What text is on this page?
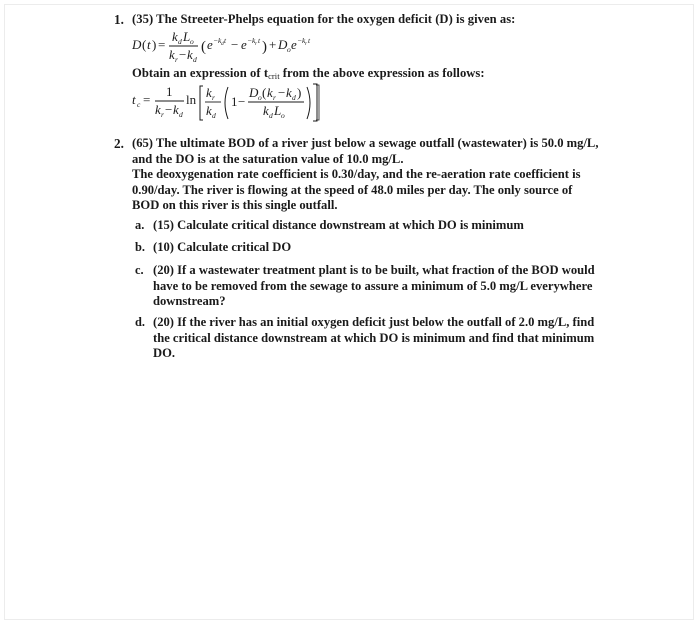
1. (35) The Streeter-Phelps equation for the oxygen deficit (D) is given as:
D ( t ) =
k d L o
k r − k d
( e −k d t − e −k r t ) + D o e −k r t
Obtain an expression of tcrit from the above expression as follows:
t c =
1
k r − k d
ln k r
k d
1 −
D o ( k r − k d )
k d L o
2. (65) The ultimate BOD of a river just below a sewage outfall (wastewater) is 50.0 mg/L,
and the DO is at the saturation value of 10.0 mg/L.
The deoxygenation rate coefficient is 0.30/day, and the re-aeration rate coefficient is
0.90/day. The river is flowing at the speed of 48.0 miles per day. The only source of
BOD on this river is this single outfall.
a. (15) Calculate critical distance downstream at which DO is minimum
b. (10) Calculate critical DO
c. (20) If a wastewater treatment plant is to be built, what fraction of the BOD would
have to be removed from the sewage to assure a minimum of 5.0 mg/L everywhere
downstream?
d. (20) If the river has an initial oxygen deficit just below the outfall of 2.0 mg/L, find
the critical distance downstream at which DO is minimum and find that minimum
DO.
